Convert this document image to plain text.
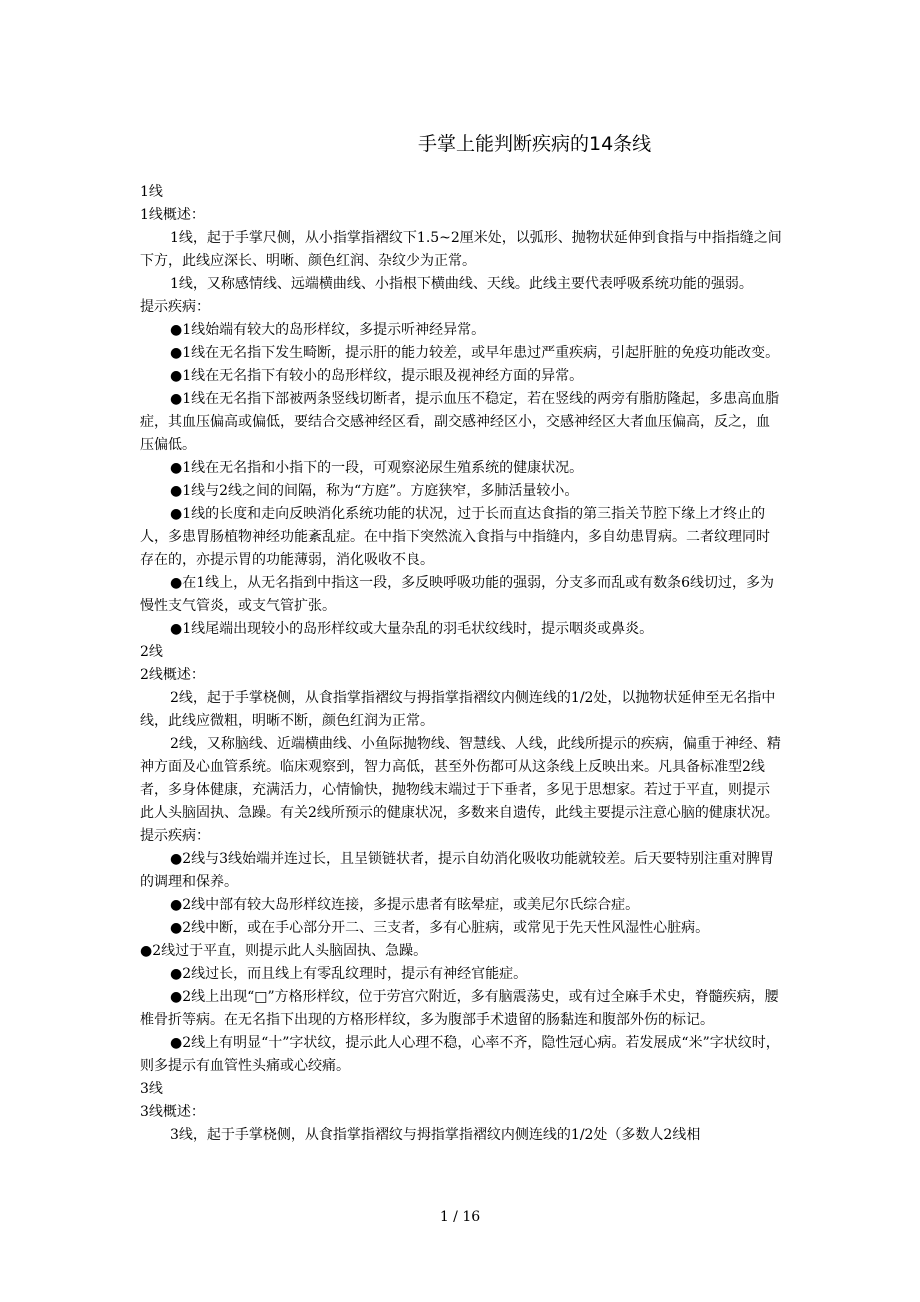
手掌上能判断疾病的14条线

1线

1线概述：

1线，起于手掌尺侧，从小指掌指褶纹下1.5~2厘米处，以弧形、抛物状延伸到食指与中指指缝之间下方，此线应深长、明晰、颜色红润、杂纹少为正常。

1线，又称感情线、远端横曲线、小指根下横曲线、天线。此线主要代表呼吸系统功能的强弱。

提示疾病：

●1线始端有较大的岛形样纹，多提示听神经异常。

●1线在无名指下发生畸断，提示肝的能力较差，或早年患过严重疾病，引起肝脏的免疫功能改变。

●1线在无名指下有较小的岛形样纹，提示眼及视神经方面的异常。

●1线在无名指下部被两条竖线切断者，提示血压不稳定，若在竖线的两旁有脂肪隆起，多患高血脂症，其血压偏高或偏低，要结合交感神经区看，副交感神经区小，交感神经区大者血压偏高，反之，血压偏低。

●1线在无名指和小指下的一段，可观察泌尿生殖系统的健康状况。

●1线与2线之间的间隔，称为“方庭”。方庭狭窄，多肺活量较小。

●1线的长度和走向反映消化系统功能的状况，过于长而直达食指的第三指关节腔下缘上才终止的人，多患胃肠植物神经功能紊乱症。在中指下突然流入食指与中指缝内，多自幼患胃病。二者纹理同时存在的，亦提示胃的功能薄弱，消化吸收不良。

●在1线上，从无名指到中指这一段，多反映呼吸功能的强弱，分支多而乱或有数条6线切过，多为慢性支气管炎，或支气管扩张。

●1线尾端出现较小的岛形样纹或大量杂乱的羽毛状纹线时，提示咽炎或鼻炎。

2线

2线概述：

2线，起于手掌桡侧，从食指掌指褶纹与拇指掌指褶纹内侧连线的1/2处，以抛物状延伸至无名指中线，此线应微粗，明晰不断，颜色红润为正常。

2线，又称脑线、近端横曲线、小鱼际抛物线、智慧线、人线，此线所提示的疾病，偏重于神经、精神方面及心血管系统。临床观察到，智力高低，甚至外伤都可从这条线上反映出来。凡具备标准型2线者，多身体健康，充满活力，心情愉快，抛物线末端过于下垂者，多见于思想家。若过于平直，则提示此人头脑固执、急躁。有关2线所预示的健康状况，多数来自遗传，此线主要提示注意心脑的健康状况。

提示疾病：

●2线与3线始端并连过长，且呈锁链状者，提示自幼消化吸收功能就较差。后天要特别注重对脾胃的调理和保养。

●2线中部有较大岛形样纹连接，多提示患者有眩晕症，或美尼尔氏综合症。

●2线中断，或在手心部分开二、三支者，多有心脏病，或常见于先天性风湿性心脏病。

●2线过于平直，则提示此人头脑固执、急躁。

●2线过长，而且线上有零乱纹理时，提示有神经官能症。

●2线上出现“□”方格形样纹，位于劳宫穴附近，多有脑震荡史，或有过全麻手术史，脊髓疾病，腰椎骨折等病。在无名指下出现的方格形样纹，多为腹部手术遗留的肠黏连和腹部外伤的标记。

●2线上有明显“十”字状纹，提示此人心理不稳，心率不齐，隐性冠心病。若发展成“米”字状纹时，则多提示有血管性头痛或心绞痛。

3线

3线概述：

3线，起于手掌桡侧，从食指掌指褶纹与拇指掌指褶纹内侧连线的1/2处（多数人2线相

1 / 16
